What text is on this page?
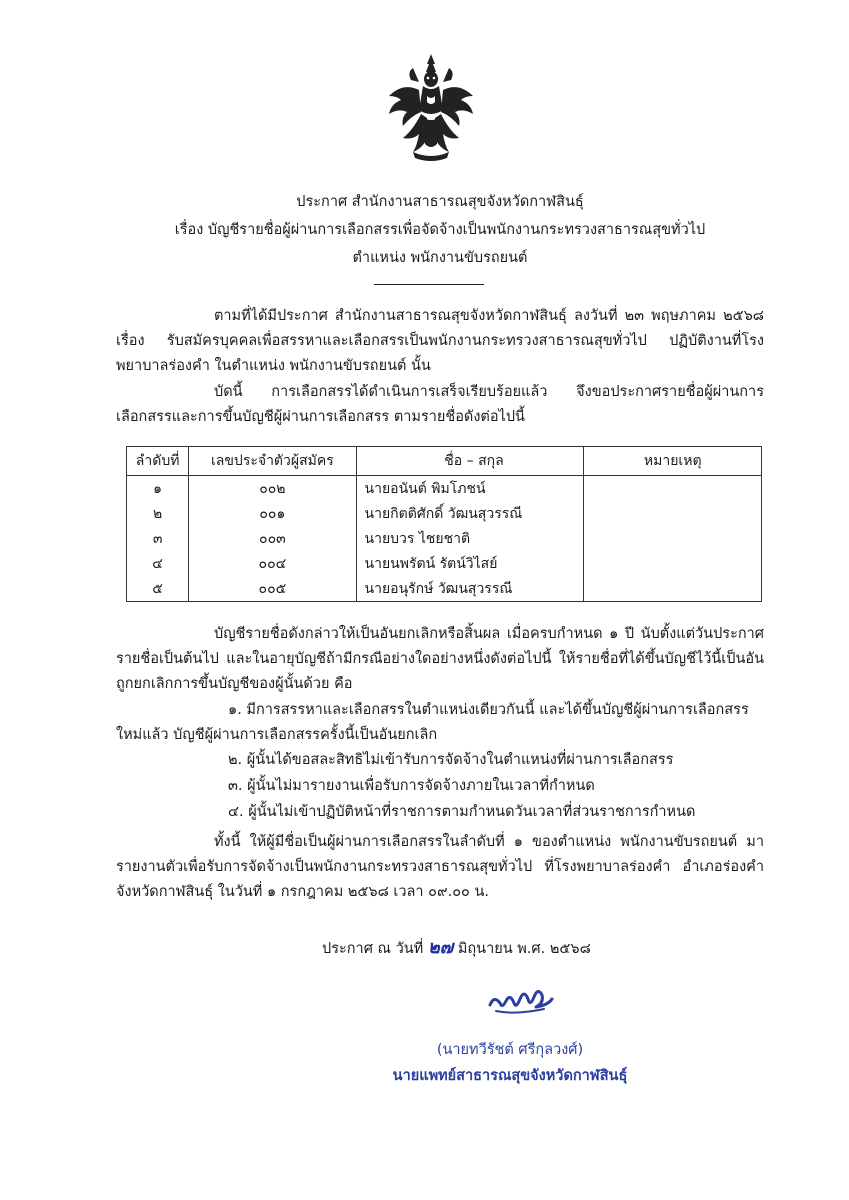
ประกาศ สำนักงานสาธารณสุขจังหวัดกาฬสินธุ์
เรื่อง บัญชีรายชื่อผู้ผ่านการเลือกสรรเพื่อจัดจ้างเป็นพนักงานกระทรวงสาธารณสุขทั่วไป
ตำแหน่ง พนักงานขับรถยนต์
ตามที่ได้มีประกาศ สำนักงานสาธารณสุขจังหวัดกาฬสินธุ์ ลงวันที่ ๒๓ พฤษภาคม ๒๕๖๘ เรื่อง รับสมัครบุคคลเพื่อสรรหาและเลือกสรรเป็นพนักงานกระทรวงสาธารณสุขทั่วไป ปฏิบัติงานที่โรงพยาบาลร่องคำ ในตำแหน่ง พนักงานขับรถยนต์ นั้น
บัดนี้ การเลือกสรรได้ดำเนินการเสร็จเรียบร้อยแล้ว จึงขอประกาศรายชื่อผู้ผ่านการเลือกสรรและการขึ้นบัญชีผู้ผ่านการเลือกสรร ตามรายชื่อดังต่อไปนี้
ลำดับที่	เลขประจำตัวผู้สมัคร	ชื่อ – สกุล	หมายเหตุ
๑	๐๐๒	นายอนันต์ พิมโภชน์	
๒	๐๐๑	นายกิตติศักดิ์ วัฒนสุวรรณี	
๓	๐๐๓	นายบวร ไชยชาติ	
๔	๐๐๔	นายนพรัตน์ รัตน์วิไสย์	
๕	๐๐๕	นายอนุรักษ์ วัฒนสุวรรณี	
บัญชีรายชื่อดังกล่าวให้เป็นอันยกเลิกหรือสิ้นผล เมื่อครบกำหนด ๑ ปี นับตั้งแต่วันประกาศรายชื่อเป็นต้นไป และในอายุบัญชีถ้ามีกรณีอย่างใดอย่างหนึ่งดังต่อไปนี้ ให้รายชื่อที่ได้ขึ้นบัญชีไว้นี้เป็นอันถูกยกเลิกการขึ้นบัญชีของผู้นั้นด้วย คือ
๑. มีการสรรหาและเลือกสรรในตำแหน่งเดียวกันนี้ และได้ขึ้นบัญชีผู้ผ่านการเลือกสรรใหม่แล้ว บัญชีผู้ผ่านการเลือกสรรครั้งนี้เป็นอันยกเลิก
๒. ผู้นั้นได้ขอสละสิทธิไม่เข้ารับการจัดจ้างในตำแหน่งที่ผ่านการเลือกสรร
๓. ผู้นั้นไม่มารายงานเพื่อรับการจัดจ้างภายในเวลาที่กำหนด
๔. ผู้นั้นไม่เข้าปฏิบัติหน้าที่ราชการตามกำหนดวันเวลาที่ส่วนราชการกำหนด
ทั้งนี้ ให้ผู้มีชื่อเป็นผู้ผ่านการเลือกสรรในลำดับที่ ๑ ของตำแหน่ง พนักงานขับรถยนต์ มารายงานตัวเพื่อรับการจัดจ้างเป็นพนักงานกระทรวงสาธารณสุขทั่วไป ที่โรงพยาบาลร่องคำ อำเภอร่องคำ จังหวัดกาฬสินธุ์ ในวันที่ ๑ กรกฎาคม ๒๕๖๘ เวลา ๐๙.๐๐ น.
ประกาศ ณ วันที่ ๒๗ มิถุนายน พ.ศ. ๒๕๖๘
(นายทวีรัชต์ ศรีกุลวงศ์)
นายแพทย์สาธารณสุขจังหวัดกาฬสินธุ์
